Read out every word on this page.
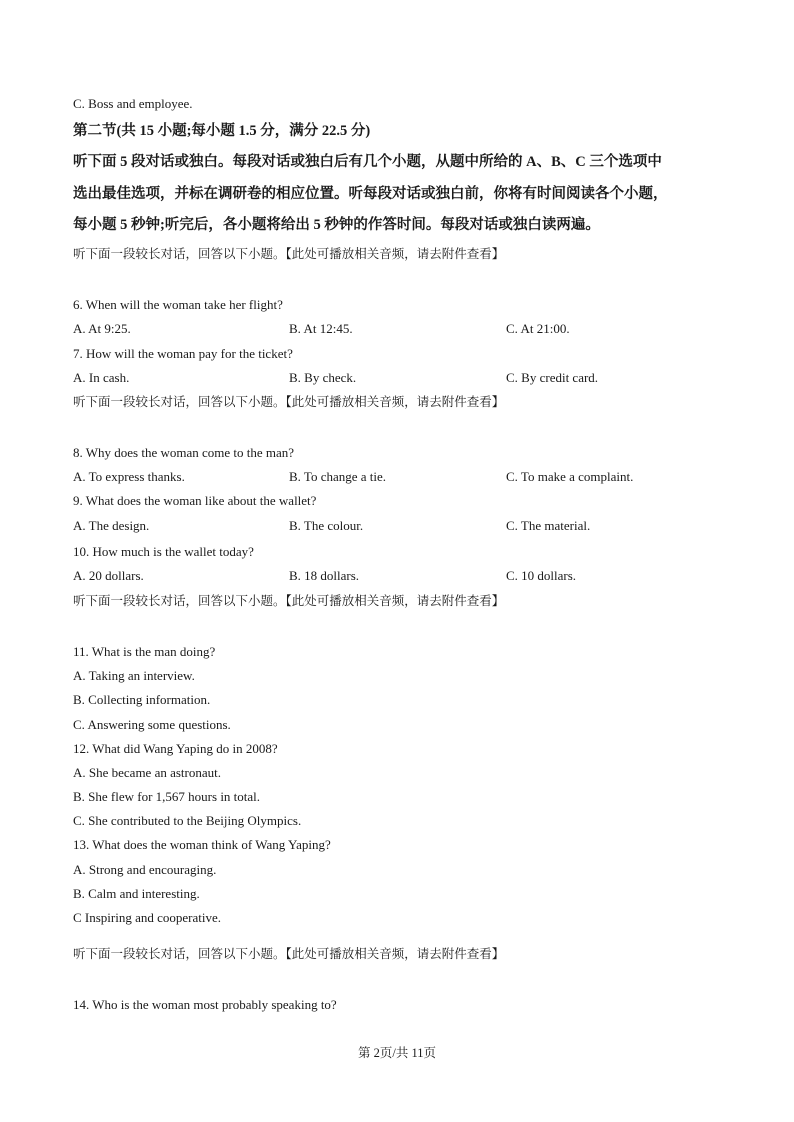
C. Boss and employee.
第二节(共 15 小题;每小题 1.5 分，满分 22.5 分)
听下面 5 段对话或独白。每段对话或独白后有几个小题，从题中所给的 A、B、C 三个选项中
选出最佳选项，并标在调研卷的相应位置。听每段对话或独白前，你将有时间阅读各个小题，
每小题 5 秒钟;听完后，各小题将给出 5 秒钟的作答时间。每段对话或独白读两遍。
听下面一段较长对话，回答以下小题。【此处可播放相关音频，请去附件查看】
6. When will the woman take her flight?
A. At 9:25.	B. At 12:45.	C. At 21:00.
7. How will the woman pay for the ticket?
A. In cash.	B. By check.	C. By credit card.
听下面一段较长对话，回答以下小题。【此处可播放相关音频，请去附件查看】
8. Why does the woman come to the man?
A. To express thanks.	B. To change a tie.	C. To make a complaint.
9. What does the woman like about the wallet?
A. The design.	B. The colour.	C. The material.
10. How much is the wallet today?
A. 20 dollars.	B. 18 dollars.	C. 10 dollars.
听下面一段较长对话，回答以下小题。【此处可播放相关音频，请去附件查看】
11. What is the man doing?
A. Taking an interview.
B. Collecting information.
C. Answering some questions.
12. What did Wang Yaping do in 2008?
A. She became an astronaut.
B. She flew for 1,567 hours in total.
C. She contributed to the Beijing Olympics.
13. What does the woman think of Wang Yaping?
A. Strong and encouraging.
B. Calm and interesting.
C Inspiring and cooperative.
听下面一段较长对话，回答以下小题。【此处可播放相关音频，请去附件查看】
14. Who is the woman most probably speaking to?
第 2页/共 11页
